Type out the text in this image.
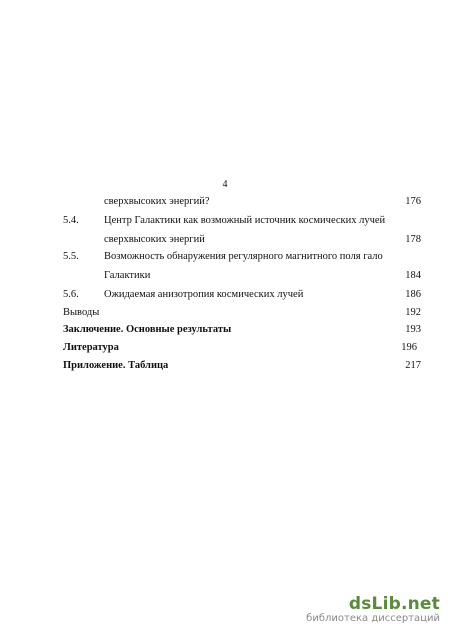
4
сверхвысоких энергий?	176
5.4. Центр Галактики как возможный источник космических лучей
сверхвысоких энергий	178
5.5. Возможность обнаружения регулярного магнитного поля гало
Галактики	184
5.6. Ожидаемая анизотропия космических лучей	186
Выводы	192
Заключение. Основные результаты	193
Литература	196
Приложение. Таблица	217
dsLib.net
библиотека диссертаций
